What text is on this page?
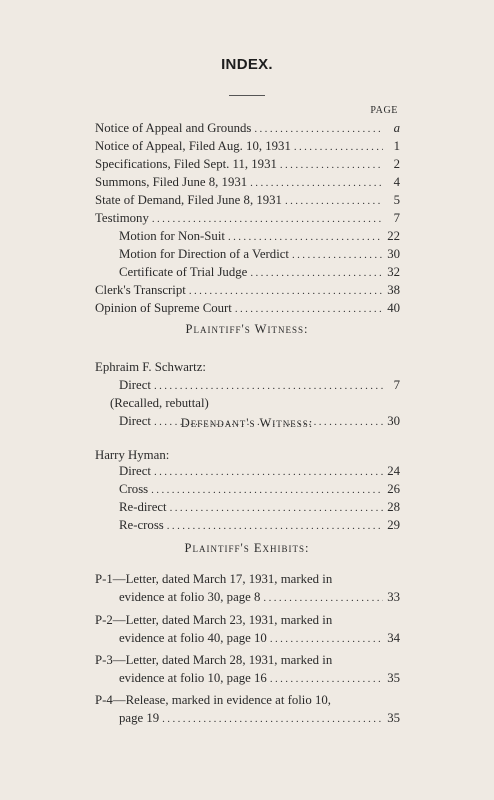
INDEX.
PAGE
Notice of Appeal and Grounds .....	a
Notice of Appeal, Filed Aug. 10, 1931 .....	1
Specifications, Filed Sept. 11, 1931 .....	2
Summons, Filed June 8, 1931 .....	4
State of Demand, Filed June 8, 1931 .....	5
Testimony .....	7
Motion for Non-Suit .....	22
Motion for Direction of a Verdict .....	30
Certificate of Trial Judge .....	32
Clerk's Transcript .....	38
Opinion of Supreme Court .....	40
Plaintiff's Witness:
Ephraim F. Schwartz:
Direct .....	7
(Recalled, rebuttal)
Direct .....	30
Defendant's Witness:
Harry Hyman:
Direct .....	24
Cross .....	26
Re-direct .....	28
Re-cross .....	29
Plaintiff's Exhibits:
P-1—Letter, dated March 17, 1931, marked in
evidence at folio 30, page 8 .....	33
P-2—Letter, dated March 23, 1931, marked in
evidence at folio 40, page 10 .....	34
P-3—Letter, dated March 28, 1931, marked in
evidence at folio 10, page 16 .....	35
P-4—Release, marked in evidence at folio 10,
page 19 .....	35
